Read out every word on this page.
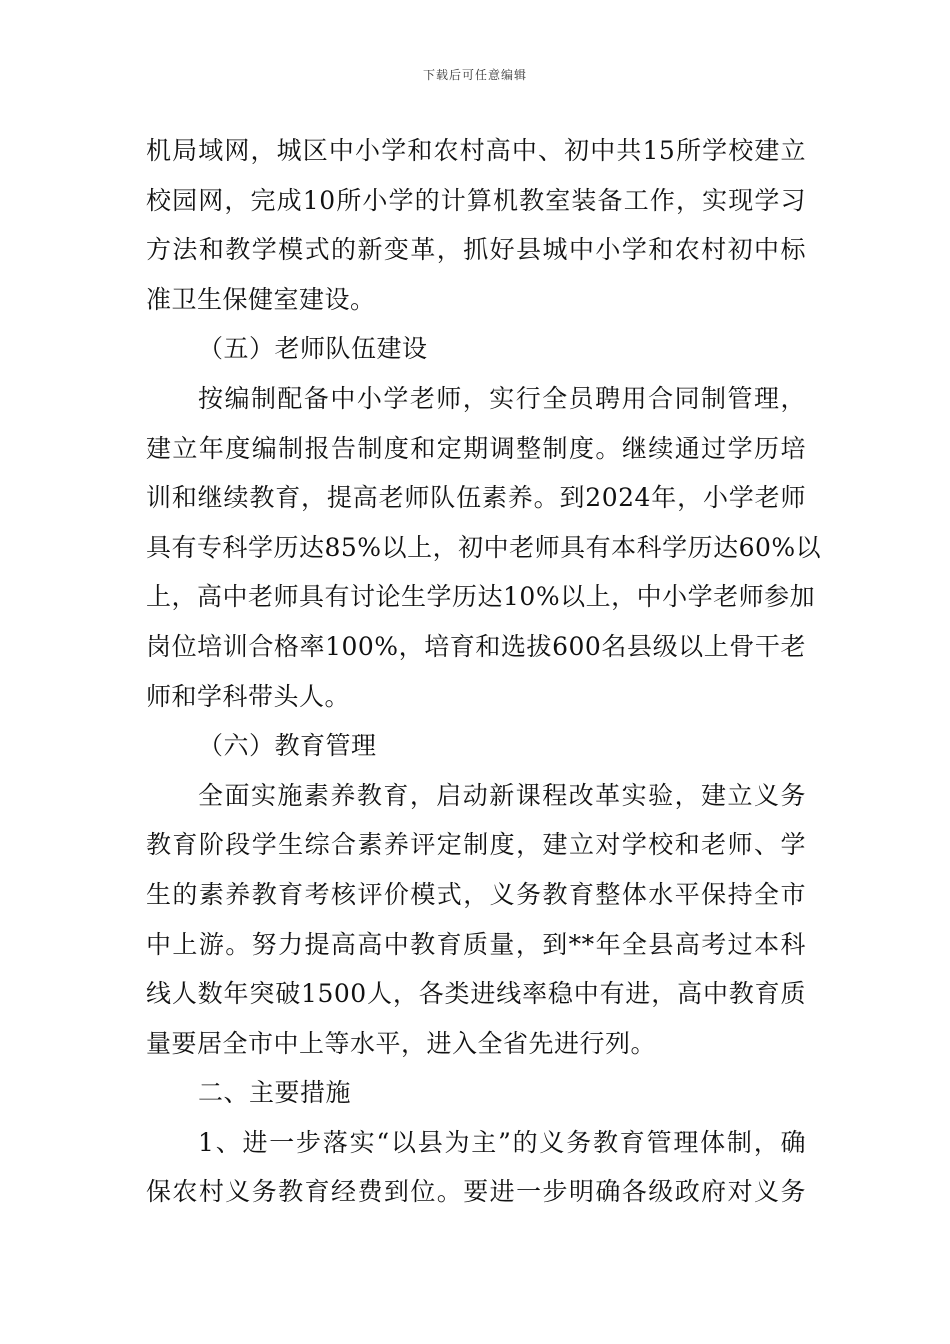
下载后可任意编辑
机局域网，城区中小学和农村高中、初中共15所学校建立
校园网，完成10所小学的计算机教室装备工作，实现学习
方法和教学模式的新变革，抓好县城中小学和农村初中标
准卫生保健室建设。
（五）老师队伍建设
按编制配备中小学老师，实行全员聘用合同制管理，
建立年度编制报告制度和定期调整制度。继续通过学历培
训和继续教育，提高老师队伍素养。到2024年，小学老师
具有专科学历达85%以上，初中老师具有本科学历达60%以
上，高中老师具有讨论生学历达10%以上，中小学老师参加
岗位培训合格率100%，培育和选拔600名县级以上骨干老
师和学科带头人。
（六）教育管理
全面实施素养教育，启动新课程改革实验，建立义务
教育阶段学生综合素养评定制度，建立对学校和老师、学
生的素养教育考核评价模式，义务教育整体水平保持全市
中上游。努力提高高中教育质量，到**年全县高考过本科
线人数年突破1500人，各类进线率稳中有进，高中教育质
量要居全市中上等水平，进入全省先进行列。
二、主要措施
1、进一步落实“以县为主”的义务教育管理体制，确
保农村义务教育经费到位。要进一步明确各级政府对义务
